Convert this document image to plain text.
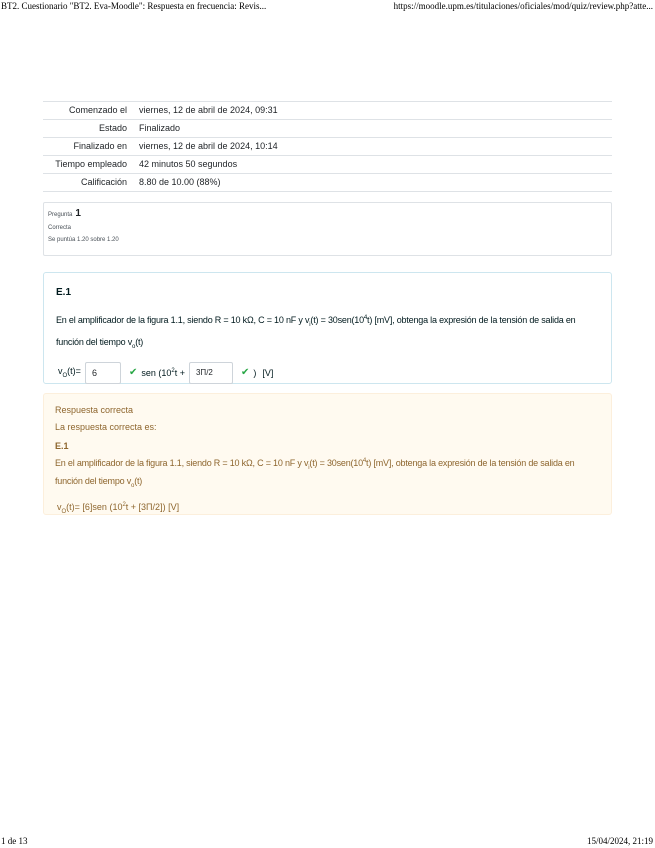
BT2. Cuestionario "BT2. Eva-Moodle": Respuesta en frecuencia: Revis...	https://moodle.upm.es/titulaciones/oficiales/mod/quiz/review.php?atte...
Comenzado el	viernes, 12 de abril de 2024, 09:31
Estado	Finalizado
Finalizado en	viernes, 12 de abril de 2024, 10:14
Tiempo empleado	42 minutos 50 segundos
Calificación	8.80 de 10.00 (88%)
Pregunta 1
Correcta
Se puntúa 1.20 sobre 1.20
E.1
En el amplificador de la figura 1.1, siendo R = 10 kΩ, C = 10 nF y $v_i(t) = 30sen(10^4t)$ [mV], obtenga la expresión de la tensión de salida en función del tiempo $v_o(t)$
$v_O(t)=$	6	✔ sen ($10^2t$ +	3Π/2	✔ ) [V]

Respuesta correcta

La respuesta correcta es:

E.1

En el amplificador de la figura 1.1, siendo R = 10 kΩ, C = 10 nF y $v_i(t) = 30sen(10^4t)$ [mV], obtenga la expresión de la tensión de salida en función del tiempo $v_o(t)$

$v_O(t)= [6]sen$ $(10^2t + [3\Pi/2])$ [V]

1 de 13	15/04/2024, 21:19
